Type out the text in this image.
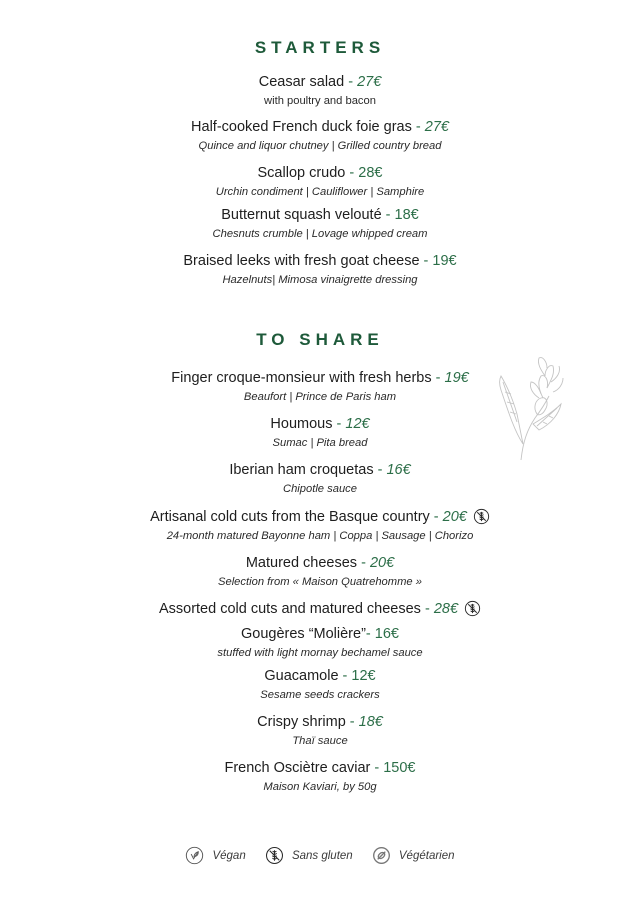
STARTERS
Ceasar salad - 27€
with poultry and bacon
Half-cooked French duck foie gras - 27€
Quince and liquor chutney | Grilled country bread
Scallop crudo - 28€
Urchin condiment | Cauliflower | Samphire
Butternut squash velouté - 18€
Chesnuts crumble | Lovage whipped cream
Braised leeks with fresh goat cheese - 19€
Hazelnuts| Mimosa vinaigrette dressing
TO SHARE
Finger croque-monsieur with fresh herbs - 19€
Beaufort | Prince de Paris ham
Houmous - 12€
Sumac | Pita bread
Iberian ham croquetas - 16€
Chipotle sauce
Artisanal cold cuts from the Basque country - 20€
24-month matured Bayonne ham | Coppa | Sausage | Chorizo
Matured cheeses - 20€
Selection from « Maison Quatrehomme »
Assorted cold cuts and matured cheeses - 28€
Gougères “Molière”- 16€
stuffed with light mornay bechamel sauce
Guacamole - 12€
Sesame seeds crackers
Crispy shrimp - 18€
Thaï sauce
French Osciètre caviar - 150€
Maison Kaviari, by 50g
Végan
	Sans gluten
	Végétarien
